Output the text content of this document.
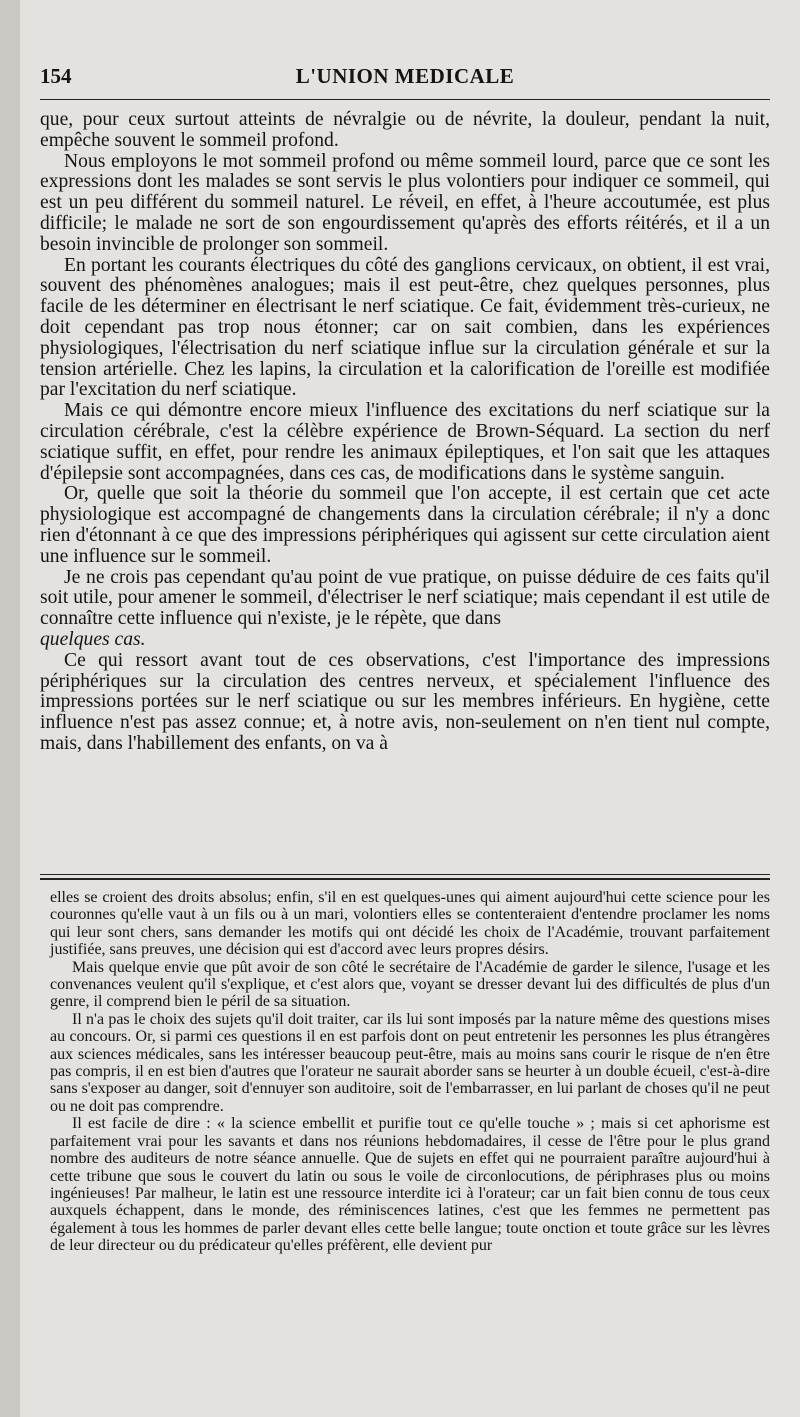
154	L'UNION MEDICALE

que, pour ceux surtout atteints de névralgie ou de névrite, la douleur, pendant la nuit, empêche souvent le sommeil profond.

Nous employons le mot sommeil profond ou même sommeil lourd, parce que ce sont les expressions dont les malades se sont servis le plus volontiers pour indiquer ce sommeil, qui est un peu différent du sommeil naturel. Le réveil, en effet, à l'heure accoutumée, est plus difficile; le malade ne sort de son engourdissement qu'après des efforts réitérés, et il a un besoin invincible de prolonger son sommeil.

En portant les courants électriques du côté des ganglions cervicaux, on obtient, il est vrai, souvent des phénomènes analogues; mais il est peut-être, chez quelques personnes, plus facile de les déterminer en électrisant le nerf sciatique. Ce fait, évidemment très-curieux, ne doit cependant pas trop nous étonner; car on sait combien, dans les expériences physiologiques, l'électrisation du nerf sciatique influe sur la circulation générale et sur la tension artérielle. Chez les lapins, la circulation et la calorification de l'oreille est modifiée par l'excitation du nerf sciatique.

Mais ce qui démontre encore mieux l'influence des excitations du nerf sciatique sur la circulation cérébrale, c'est la célèbre expérience de Brown-Séquard. La section du nerf sciatique suffit, en effet, pour rendre les animaux épileptiques, et l'on sait que les attaques d'épilepsie sont accompagnées, dans ces cas, de modifications dans le système sanguin.

Or, quelle que soit la théorie du sommeil que l'on accepte, il est certain que cet acte physiologique est accompagné de changements dans la circulation cérébrale; il n'y a donc rien d'étonnant à ce que des impressions périphériques qui agissent sur cette circulation aient une influence sur le sommeil.

Je ne crois pas cependant qu'au point de vue pratique, on puisse déduire de ces faits qu'il soit utile, pour amener le sommeil, d'électriser le nerf sciatique; mais cependant il est utile de connaître cette influence qui n'existe, je le répète, que dans

quelques cas.

Ce qui ressort avant tout de ces observations, c'est l'importance des impressions périphériques sur la circulation des centres nerveux, et spécialement l'influence des impressions portées sur le nerf sciatique ou sur les membres inférieurs. En hygiène, cette influence n'est pas assez connue; et, à notre avis, non-seulement on n'en tient nul compte, mais, dans l'habillement des enfants, on va à

elles se croient des droits absolus; enfin, s'il en est quelques-unes qui aiment aujourd'hui cette science pour les couronnes qu'elle vaut à un fils ou à un mari, volontiers elles se contenteraient d'entendre proclamer les noms qui leur sont chers, sans demander les motifs qui ont décidé les choix de l'Académie, trouvant parfaitement justifiée, sans preuves, une décision qui est d'accord avec leurs propres désirs.

Mais quelque envie que pût avoir de son côté le secrétaire de l'Académie de garder le silence, l'usage et les convenances veulent qu'il s'explique, et c'est alors que, voyant se dresser devant lui des difficultés de plus d'un genre, il comprend bien le péril de sa situation.

Il n'a pas le choix des sujets qu'il doit traiter, car ils lui sont imposés par la nature même des questions mises au concours. Or, si parmi ces questions il en est parfois dont on peut entretenir les personnes les plus étrangères aux sciences médicales, sans les intéresser beaucoup peut-être, mais au moins sans courir le risque de n'en être pas compris, il en est bien d'autres que l'orateur ne saurait aborder sans se heurter à un double écueil, c'est-à-dire sans s'exposer au danger, soit d'ennuyer son auditoire, soit de l'embarrasser, en lui parlant de choses qu'il ne peut ou ne doit pas comprendre.

Il est facile de dire : « la science embellit et purifie tout ce qu'elle touche » ; mais si cet aphorisme est parfaitement vrai pour les savants et dans nos réunions hebdomadaires, il cesse de l'être pour le plus grand nombre des auditeurs de notre séance annuelle. Que de sujets en effet qui ne pourraient paraître aujourd'hui à cette tribune que sous le couvert du latin ou sous le voile de circonlocutions, de périphrases plus ou moins ingénieuses! Par malheur, le latin est une ressource interdite ici à l'orateur; car un fait bien connu de tous ceux auxquels échappent, dans le monde, des réminiscences latines, c'est que les femmes ne permettent pas également à tous les hommes de parler devant elles cette belle langue; toute onction et toute grâce sur les lèvres de leur directeur ou du prédicateur qu'elles préfèrent, elle devient pur
